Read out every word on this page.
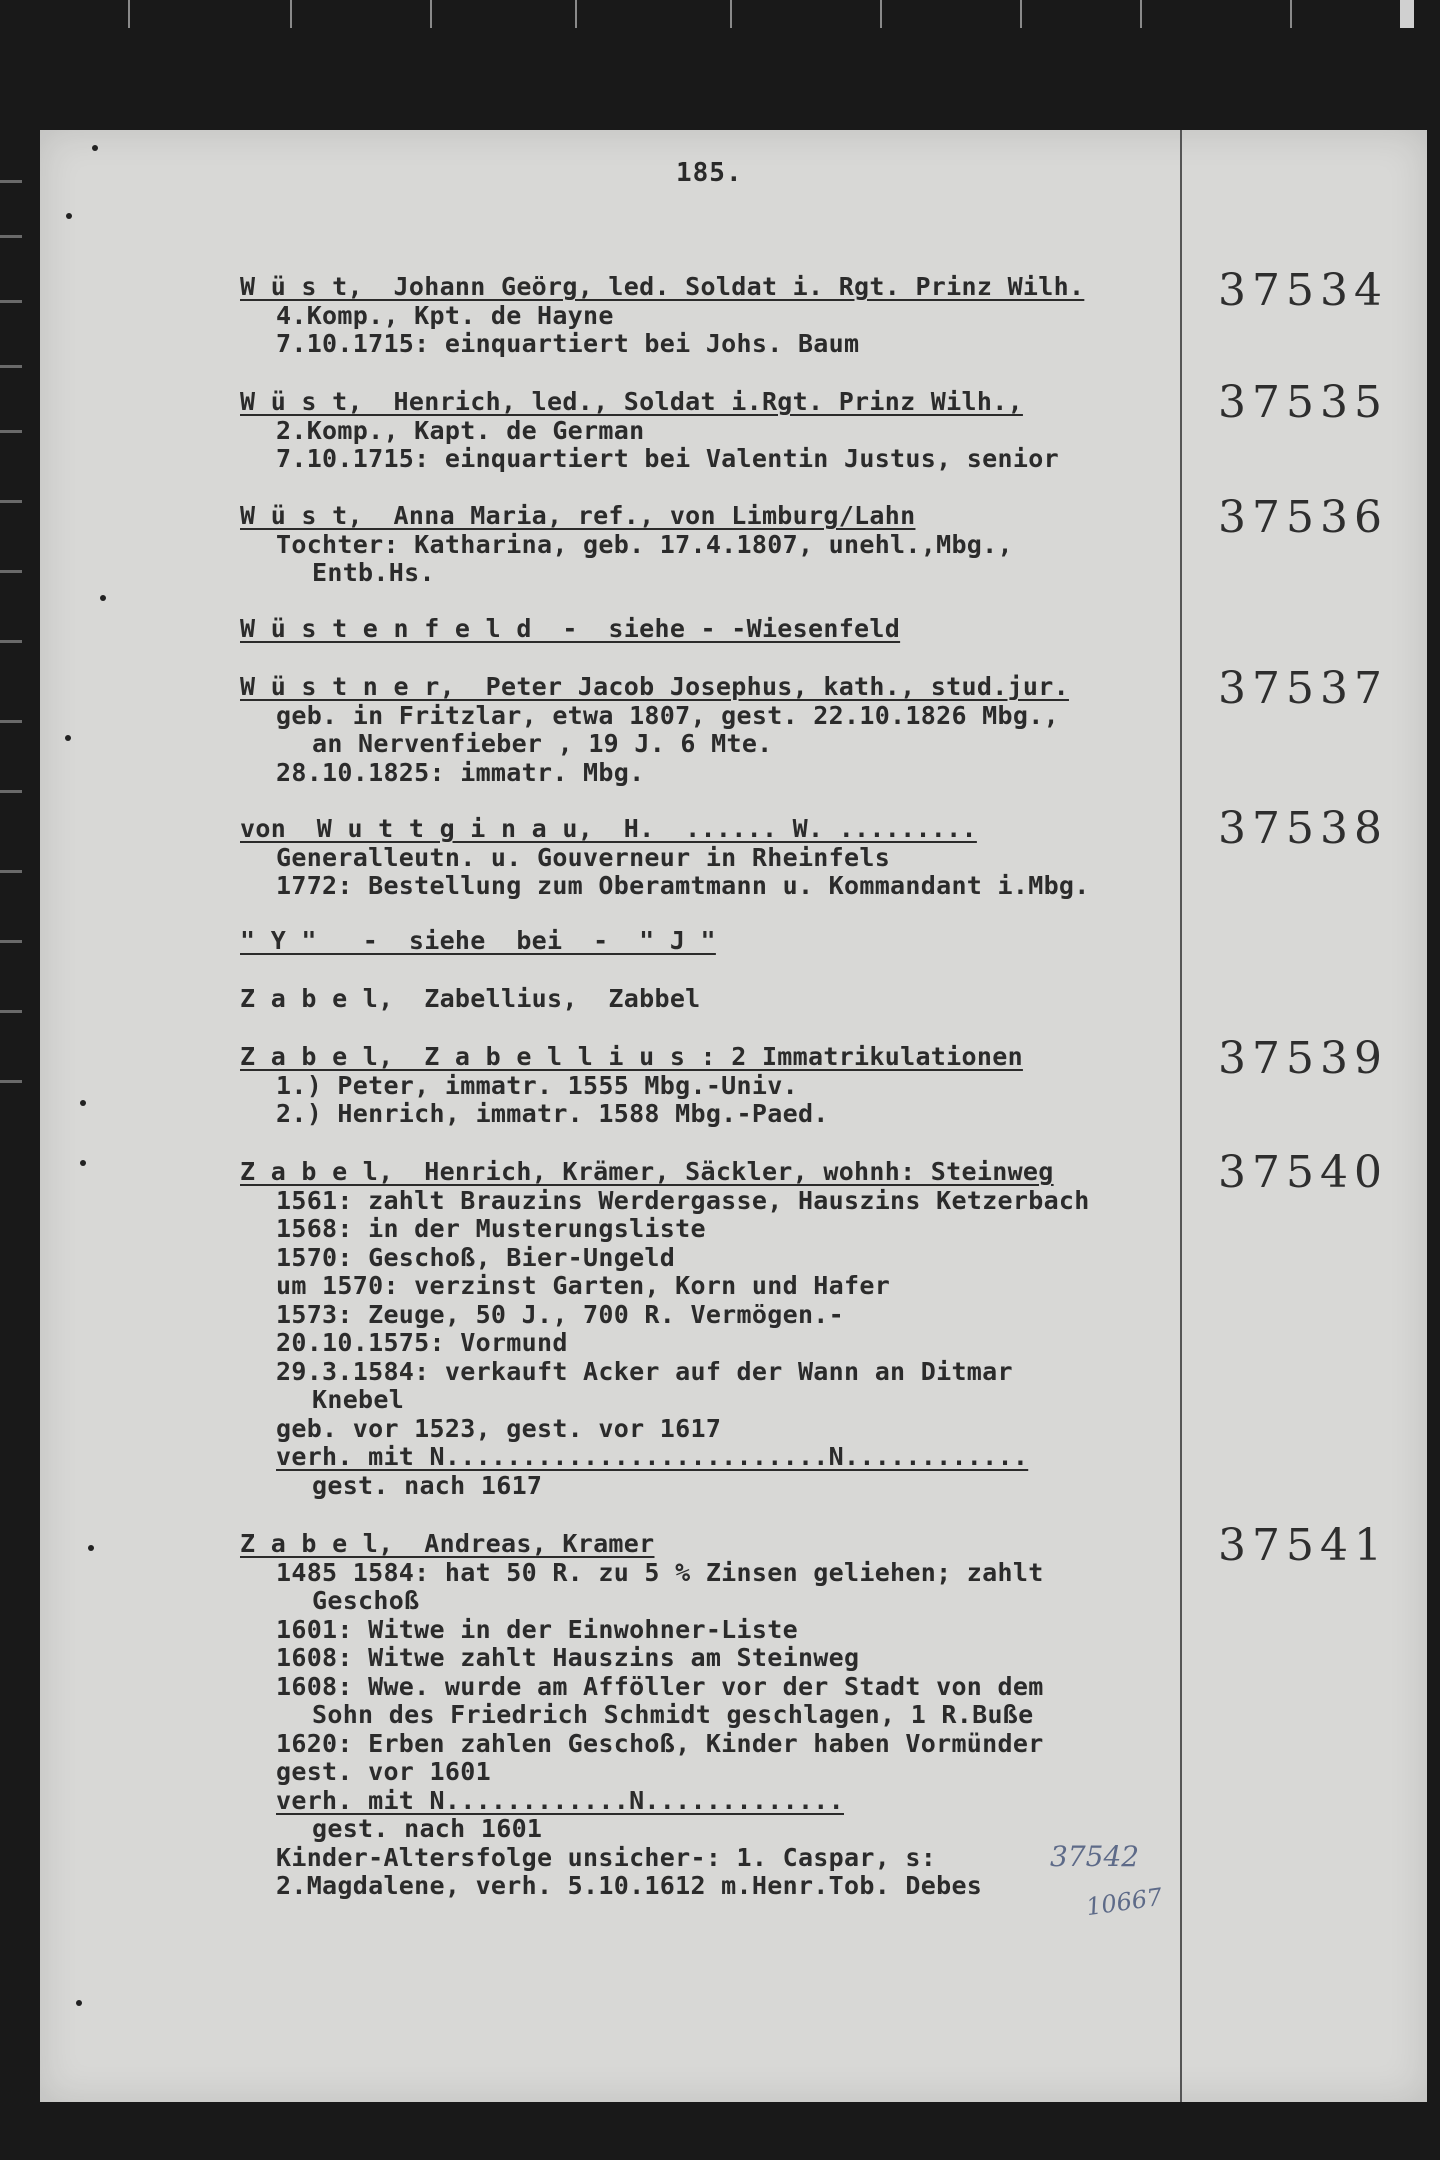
185.
W ü s t,  Johann Geörg, led. Soldat i. Rgt. Prinz Wilh.
4.Komp., Kpt. de Hayne
7.10.1715: einquartiert bei Johs. Baum
37534
W ü s t,  Henrich, led., Soldat i.Rgt. Prinz Wilh.,
2.Komp., Kapt. de German
7.10.1715: einquartiert bei Valentin Justus, senior
37535
W ü s t,  Anna Maria, ref., von Limburg/Lahn
Tochter: Katharina, geb. 17.4.1807, unehl.,Mbg.,
Entb.Hs.
37536
W ü s t e n f e l d  -  siehe - -Wiesenfeld
W ü s t n e r,  Peter Jacob Josephus, kath., stud.jur.
geb. in Fritzlar, etwa 1807, gest. 22.10.1826 Mbg.,
an Nervenfieber , 19 J. 6 Mte.
28.10.1825: immatr. Mbg.
37537
von  W u t t g i n a u,  H.  ...... W. .........
Generalleutn. u. Gouverneur in Rheinfels
1772: Bestellung zum Oberamtmann u. Kommandant i.Mbg.
37538
" Y "   -  siehe  bei  -  " J "
Z a b e l,  Zabellius,  Zabbel
Z a b e l,  Z a b e l l i u s : 2 Immatrikulationen
1.) Peter, immatr. 1555 Mbg.-Univ.
2.) Henrich, immatr. 1588 Mbg.-Paed.
37539
Z a b e l,  Henrich, Krämer, Säckler, wohnh: Steinweg
1561: zahlt Brauzins Werdergasse, Hauszins Ketzerbach
1568: in der Musterungsliste
1570: Geschoß, Bier-Ungeld
um 1570: verzinst Garten, Korn und Hafer
1573: Zeuge, 50 J., 700 R. Vermögen.-
20.10.1575: Vormund
29.3.1584: verkauft Acker auf der Wann an Ditmar
Knebel
geb. vor 1523, gest. vor 1617
verh. mit N.........................N............
gest. nach 1617
37540
Z a b e l,  Andreas, Kramer
1485 1584: hat 50 R. zu 5 % Zinsen geliehen; zahlt
Geschoß
1601: Witwe in der Einwohner-Liste
1608: Witwe zahlt Hauszins am Steinweg
1608: Wwe. wurde am Afföller vor der Stadt von dem
Sohn des Friedrich Schmidt geschlagen, 1 R.Buße
1620: Erben zahlen Geschoß, Kinder haben Vormünder
gest. vor 1601
verh. mit N............N.............
gest. nach 1601
Kinder-Altersfolge unsicher-: 1. Caspar, s:
2.Magdalene, verh. 5.10.1612 m.Henr.Tob. Debes
37541
37542
10667
